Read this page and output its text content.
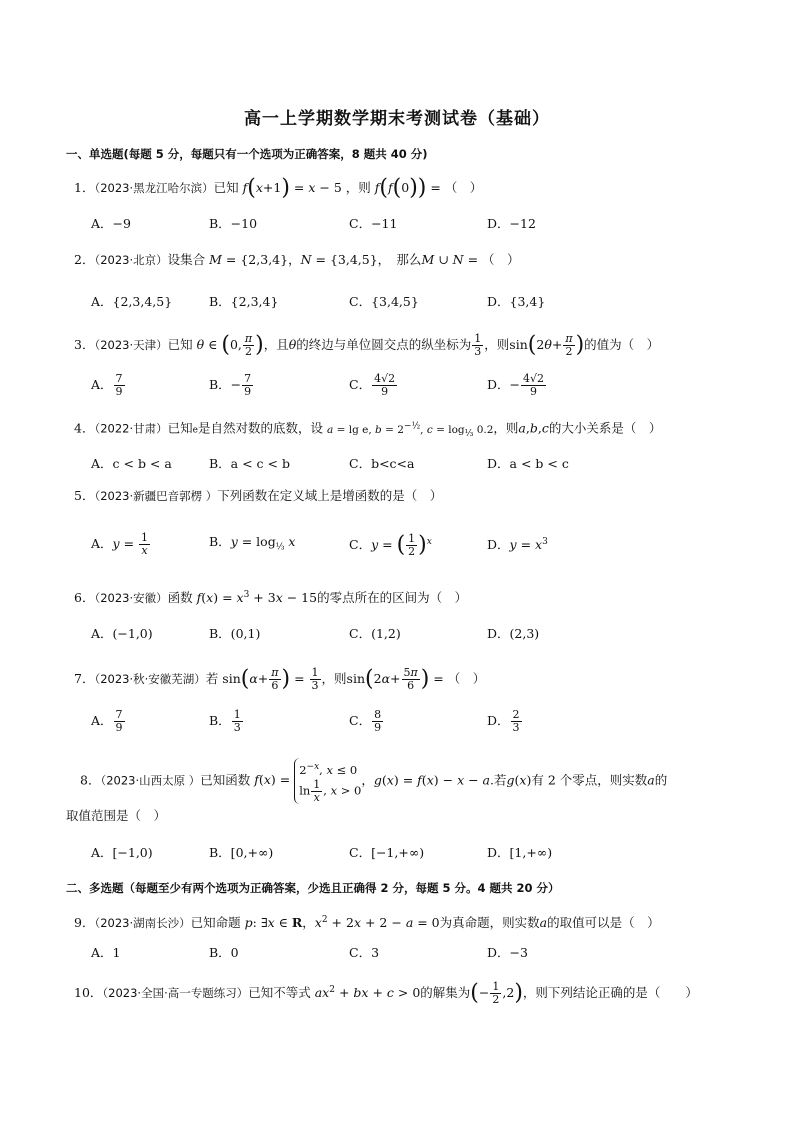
高一上学期数学期末考测试卷（基础）
一、单选题(每题 5 分，每题只有一个选项为正确答案，8 题共 40 分)
1．（2023·黑龙江哈尔滨）已知 f(x+1) = x − 5 ，则 f(f(0)) = （　）
A．−9	B．−10	C．−11	D．−12
2．（2023·北京）设集合 M = {2,3,4}，N = {3,4,5}，　那么M ∪ N = （　）
A．{2,3,4,5}	B．{2,3,4}	C．{3,4,5}	D．{3,4}
3．（2023·天津）已知 θ ∈ (0, $\frac{\pi}{2}$ )，且θ的终边与单位圆交点的纵坐标为 $\frac{1}{3}$ ，则$\sin(2\theta+ \frac{\pi}{2}$ )的值为（　）
A． $\frac{7}{9}$	B．− $\frac{7}{9}$	C． $\frac{4√2}{9}$	D．− $\frac{4√2}{9}$
4．（2022·甘肃）已知e是自然对数的底数，设 a = lg e, b = 2−½, c = log⅓ 0.2，则a,b,c的大小关系是（　）
A．c < b < a	B．a < c < b	C．b<c<a	D．a < b < c
5．（2023·新疆巴音郭楞 ）下列函数在定义域上是增函数的是（　）
A．$y = \frac{1}{x}$	B．$y = \log_{\frac{1}{3}} x$	C．y = ( $\frac{1}{2} )^x$	D．$y = x^3$
6．（2023·安徽）函数 $f(x) = x^3 + 3x - 15$的零点所在的区间为（　）
A．(−1,0)	B．(0,1)	C．(1,2)	D．(2,3)
7．（2023·秋·安徽芜湖）若 $\sin(\alpha+ \frac{\pi}{6}$ ) = $\frac{1}{3}$ ，则$\sin(2\alpha+ \frac{5\pi}{6}$ ) = （　）
A． $\frac{7}{9}$	B． $\frac{1}{3}$	C． $\frac{8}{9}$	D． $\frac{2}{3}$
8．（2023·山西太原 ）已知函数 f(x) =
$2^{-x}$, x ≤ 0
$\ln \frac{1}{x}$ , x > 0
，g(x) = f(x) − x − a.若g(x)有 2 个零点，则实数a的
取值范围是（　）
A．[−1,0)	B．[0,+∞)	C．[−1,+∞)	D．[1,+∞)
二、多选题（每题至少有两个选项为正确答案，少选且正确得 2 分，每题 5 分。4 题共 20 分）
9．（2023·湖南长沙）已知命题 p: ∃x ∈ R，$x^2 + 2x + 2 - a = 0$为真命题，则实数a的取值可以是（　）
A．1	B．0	C．3	D．−3
10．（2023·全国·高一专题练习）已知不等式 $ax^2$ + bx + c > 0的解集为(− $\frac{1}{2} ,2$)，则下列结论正确的是（　　）
